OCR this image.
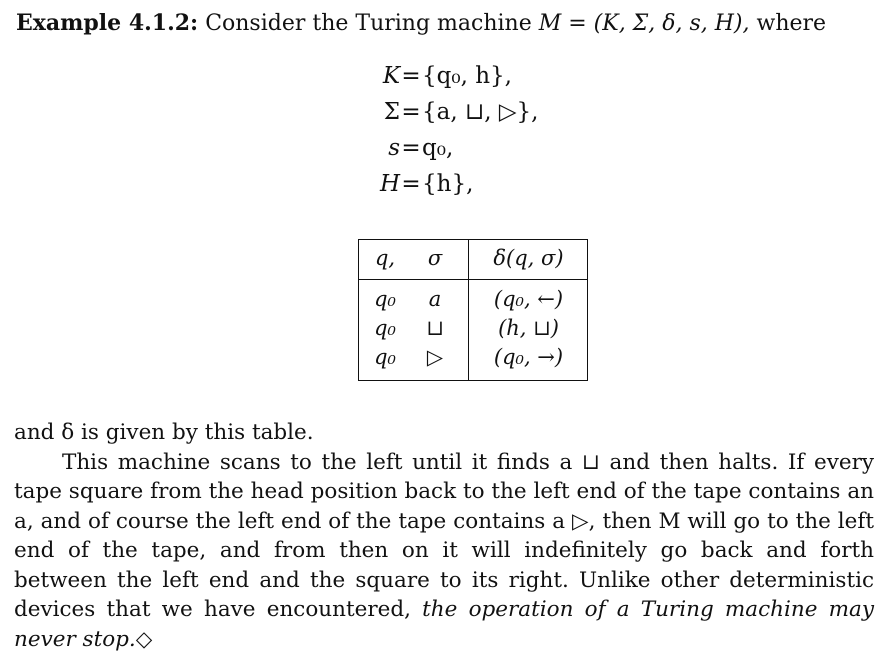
Example 4.1.2: Consider the Turing machine M = (K, Σ, δ, s, H), where
K = {q₀, h},
Σ = {a, ⊔, ▷},
s = q₀,
H = {h},
q,	σ	δ(q, σ)
q₀	a	(q₀, ←)
q₀	⊔	(h, ⊔)
q₀	▷	(q₀, →)

and δ is given by this table.

This machine scans to the left until it finds a ⊔ and then halts. If every tape square from the head position back to the left end of the tape contains an a, and of course the left end of the tape contains a ▷, then M will go to the left end of the tape, and from then on it will indefinitely go back and forth between the left end and the square to its right. Unlike other deterministic devices that we have encountered, the operation of a Turing machine may never stop.◇
